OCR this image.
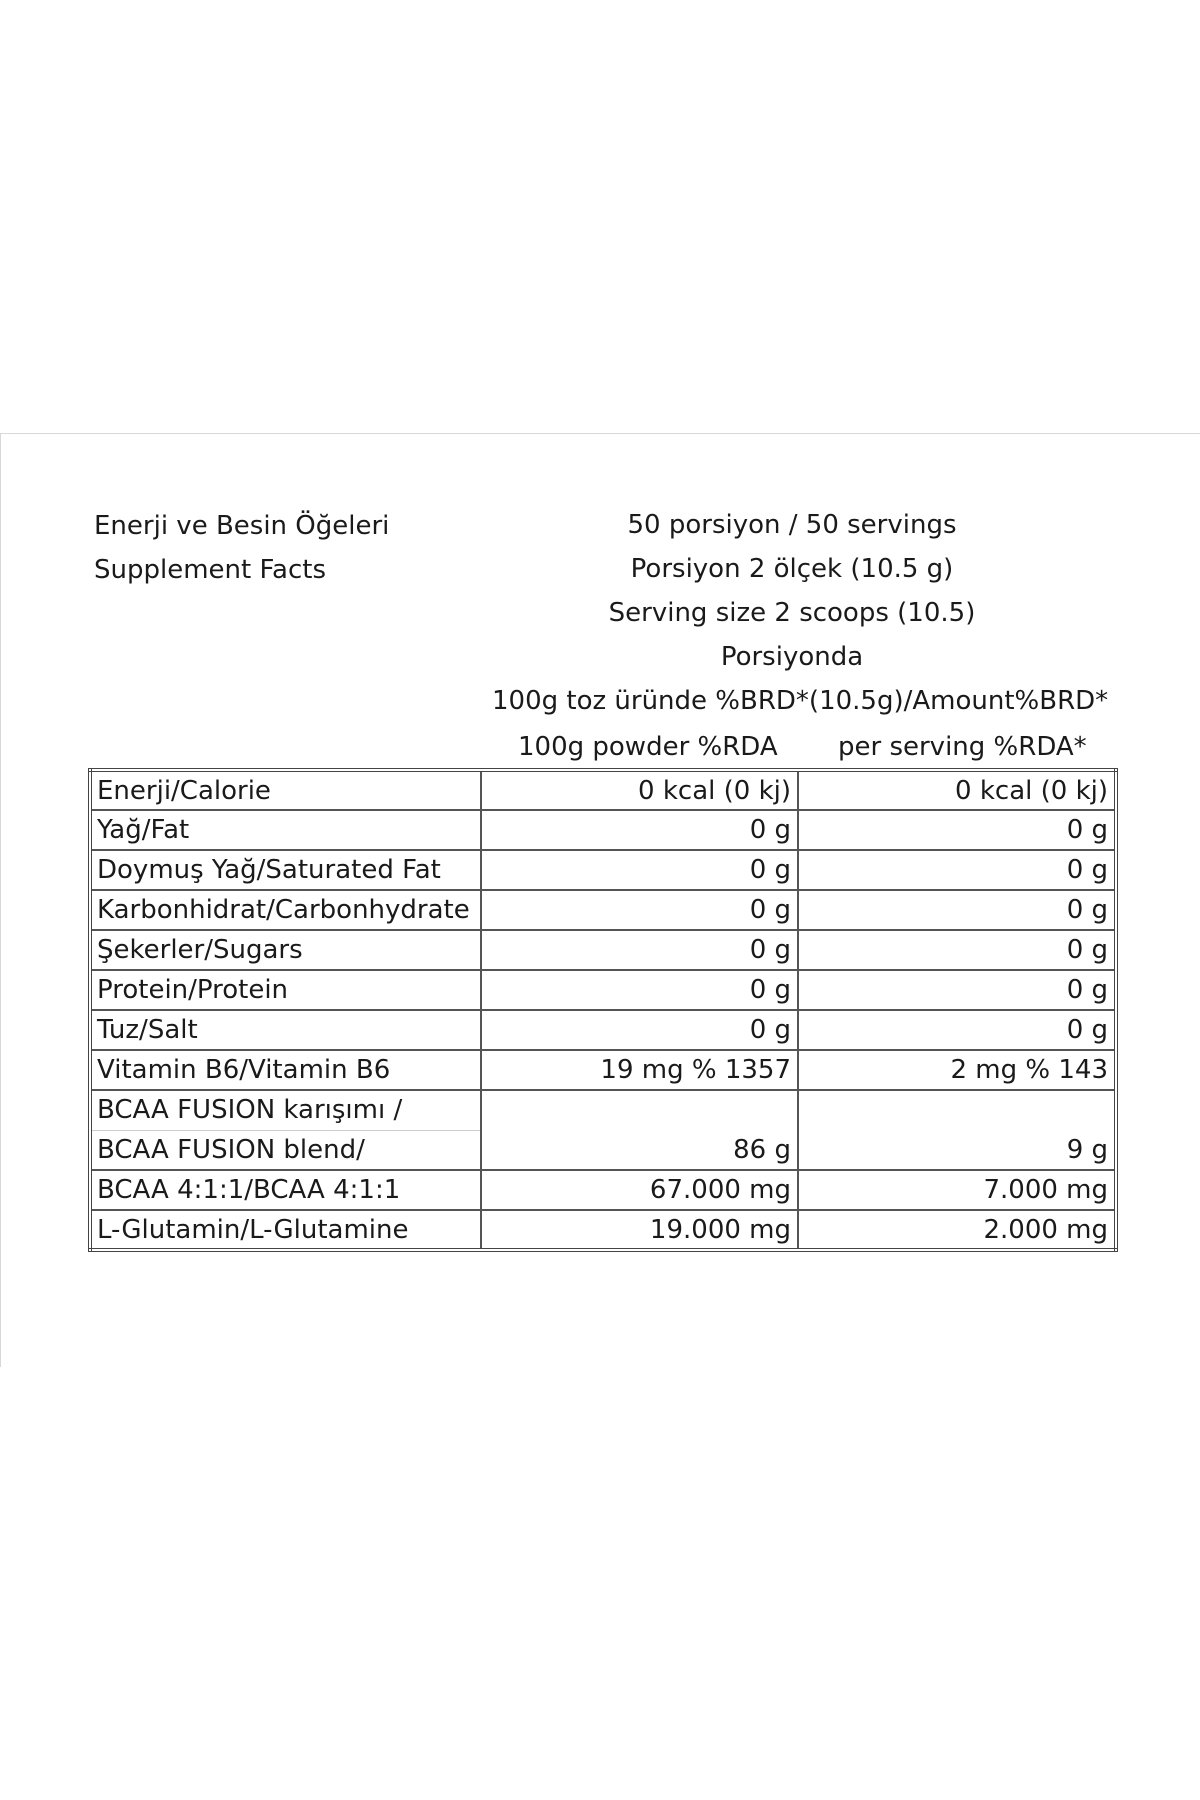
Enerji ve Besin Öğeleri
Supplement Facts
50 porsiyon / 50 servings
Porsiyon 2 ölçek (10.5 g)
Serving size 2 scoops (10.5)
Porsiyonda
100g toz üründe %BRD*(10.5g)/Amount%BRD*
100g powder %RDA per serving %RDA*
Enerji/Calorie	0 kcal (0 kj)	0 kcal (0 kj)
Yağ/Fat	0 g	0 g
Doymuş Yağ/Saturated Fat	0 g	0 g
Karbonhidrat/Carbonhydrate	0 g	0 g
Şekerler/Sugars	0 g	0 g
Protein/Protein	0 g	0 g
Tuz/Salt	0 g	0 g
Vitamin B6/Vitamin B6	19 mg % 1357	2 mg % 143
BCAA FUSION karışımı /	86 g	9 g
BCAA FUSION blend/		
BCAA 4:1:1/BCAA 4:1:1	67.000 mg	7.000 mg
L-Glutamin/L-Glutamine	19.000 mg	2.000 mg
